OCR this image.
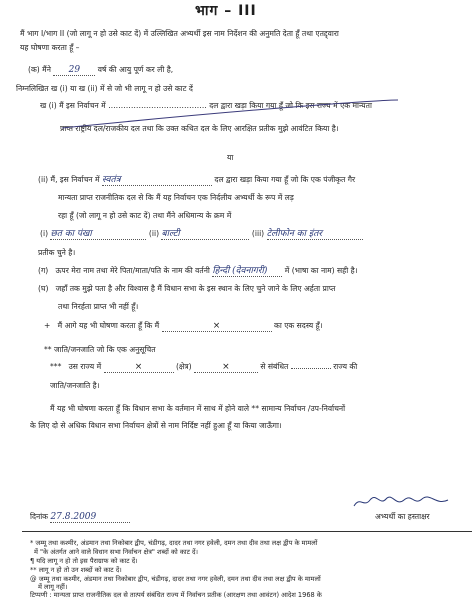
भाग – III
मैं भाग I/भाग II (जो लागू न हो उसे काट दें) में उल्लिखित अभ्यर्थी इस नाम निर्देशन की अनुमति देता हूँ तथा एतद्द्वारा
यह घोषणा करता हूँ –
(क) मैंने 29 वर्ष की आयु पूर्ण कर ली है,
निम्नलिखित ख (i) या ख (ii) में से जो भी लागू न हो उसे काट दें
ख (i) मैं इस निर्वाचन में ………………………………… दल द्वारा खड़ा किया गया हूँ जो कि इस राज्य में एक मान्यता
प्राप्त राष्ट्रीय दल/राजकीय दल तथा कि उक्त कथित दल के लिए आरक्षित प्रतीक मुझे आवंटित किया है।
या
(ii) मैं, इस निर्वाचन में स्वतंत्र	दल द्वारा खड़ा किया गया हूँ जो कि एक पंजीकृत गैर
मान्यता प्राप्त राजनीतिक दल से कि मैं यह निर्वाचन एक निर्दलीय अभ्यर्थी के रूप में लड़
रहा हूँ (जो लागू न हो उसे काट दें) तथा मैंने अधिमान्य के क्रम में
(i) छत का पंखा	(ii) बाल्टी	(iii) टेलीफोन का इंतर
प्रतीक चुने है।
(ग) ऊपर मेरा नाम तथा मेरे पिता/माता/पति के नाम की वर्तनी हिन्दी (देवनागरी) में (भाषा का नाम) सही है।
(घ) जहाँ तक मुझे पता है और विश्वास है मैं विधान सभा के इस स्थान के लिए चुने जाने के लिए अर्हता प्राप्त
तथा निरर्हता प्राप्त भी नहीं हूँ।
+   मैं आगे यह भी घोषणा करता हूँ कि मैं	×	का एक सदस्य हूँ।
** जाति/जनजाति जो कि एक अनुसूचित
*** उस राज्य में	×	(क्षेत्र)	×	से संबंधित	राज्य की
जाति/जनजाति है।
मैं यह भी घोषणा करता हूँ कि विधान सभा के वर्तमान में साथ में होने वाले ** सामान्य निर्वाचन /उप-निर्वाचनों
के लिए दो से अधिक विधान सभा निर्वाचन क्षेत्रों से नाम निर्दिष्ट नहीं हुआ हूँ या किया जाऊँगा।
अभ्यर्थी का हस्ताक्षर
दिनांक 27.8.2009
* जम्मू तथा कश्मीर, अंडमान तथा निकोबार द्वीप, चंडीगढ़, दादर तथा नगर हवेली, दमन तथा दीव तथा लक्ष द्वीप के मामलों
में "के अंतर्गत आने वाले विधान सभा निर्वाचन क्षेत्र" शब्दों को काट दें।
¶ यदि लागू न हो तो इस पैराग्राफ को काट दें।
** लागू न हो तो उन शब्दों को काट दें।
@ जम्मू तथा कश्मीर, अंडमान तथा निकोबार द्वीप, चंडीगढ़, दादर तथा नगर हवेली, दमन तथा दीव तथा लक्ष द्वीप के मामलों
में लागू नहीं।
टिप्पणी : मान्यता प्राप्त राजनीतिक दल से तात्पर्य संबंधित राज्य में निर्वाचन प्रतीक (आरक्षण तथा आवंटन) आदेश 1968 के
